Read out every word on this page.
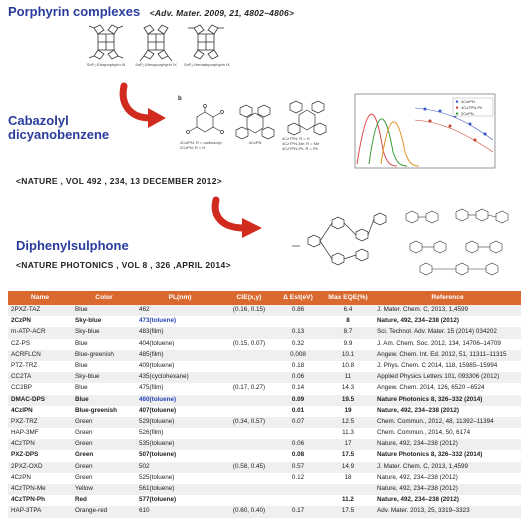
Porphyrin complexes <Adv. Mater. 2009, 21, 4802~4806>
SnF₂-Etioporphyrin III	SnF₂-Mesoporphyrin IX	SnF₂-Hematoporphyrin IX
Cabazolyl
dicyanobenzene
b
4CzIPN: R = carbazolyl
2CzPN: R = H
4CzPN
4CzTPN: R = H
4CzTPN-Me: R = Me
4CzTPN-Ph: R = Ph
4CzIPN
4CzTPN-Ph
2CzPN
<NATURE , VOL 492 , 234, 13 DECEMBER 2012>
Diphenylsulphone
<NATURE PHOTONICS , VOL 8 , 326 ,APRIL 2014>
Name	Color	PL(nm)	CIE(x,y)	Δ Est(eV)	Max EQE(%)	Reference
2PXZ-TAZ	Blue	462	(0.16, 0.15)	0.86	6.4	J. Mater. Chem. C, 2013, 1,4599
2CzPN	Sky-blue	473(toluene)			8	Nature, 492, 234–238 (2012)
m-ATP-ACR	Sky-blue	483(film)		0.13	8.7	Sci. Technol. Adv. Mater. 15 (2014) 034202
CZ-PS	Blue	404(toluene)	(0.15, 0.07)	0.32	9.9	J. Am. Chem. Soc. 2012, 134, 14706–14709
ACRFLCN	Blue-greenish	485(film)		0.008	10.1	Angew. Chem. Int. Ed. 2012, 51, 11311–11315
PTZ-TRZ	Blue	409(toluene)		0.18	10.8	J. Phys. Chem. C 2014, 118, 15985–15994
CC2TA	Sky-blue	435(cyclohexane)		0.06	11	Applied Physics Letters 101, 093306 (2012)
CC2BP	Blue	475(film)	(0.17, 0.27)	0.14	14.3	Angew. Chem. 2014, 126, 6520 –6524
DMAC-DPS	Blue	460(toluene)		0.09	19.5	Nature Photonics 8, 326–332 (2014)
4CzIPN	Blue-greenish	407(toluene)		0.01	19	Nature, 492, 234–238 (2012)
PXZ-TRZ	Green	529(toluene)	(0.34, 0.57)	0.07	12.5	Chem. Commun., 2012, 48, 11392–11394
HAP-3MF	Green	526(film)			11.3	Chem. Commun., 2014, 50, 6174
4CzTPN	Green	535(toluene)		0.06	17	Nature, 492, 234–238 (2012)
PXZ-DPS	Green	507(toluene)		0.08	17.5	Nature Photonics 8, 326–332 (2014)
2PXZ-OXD	Green	502	(0.58, 0.45)	0.57	14.9	J. Mater. Chem. C, 2013, 1,4599
4CzPN	Green	525(toluene)		0.12	18	Nature, 492, 234–238 (2012)
4CzTPN-Me	Yellow	561(toluene)				Nature, 492, 234–238 (2012)
4CzTPN-Ph	Red	577(toluene)			11.2	Nature, 492, 234–238 (2012)
HAP-3TPA	Orange-red	610	(0.60, 0.40)	0.17	17.5	Adv. Mater. 2013, 25, 3319–3323
